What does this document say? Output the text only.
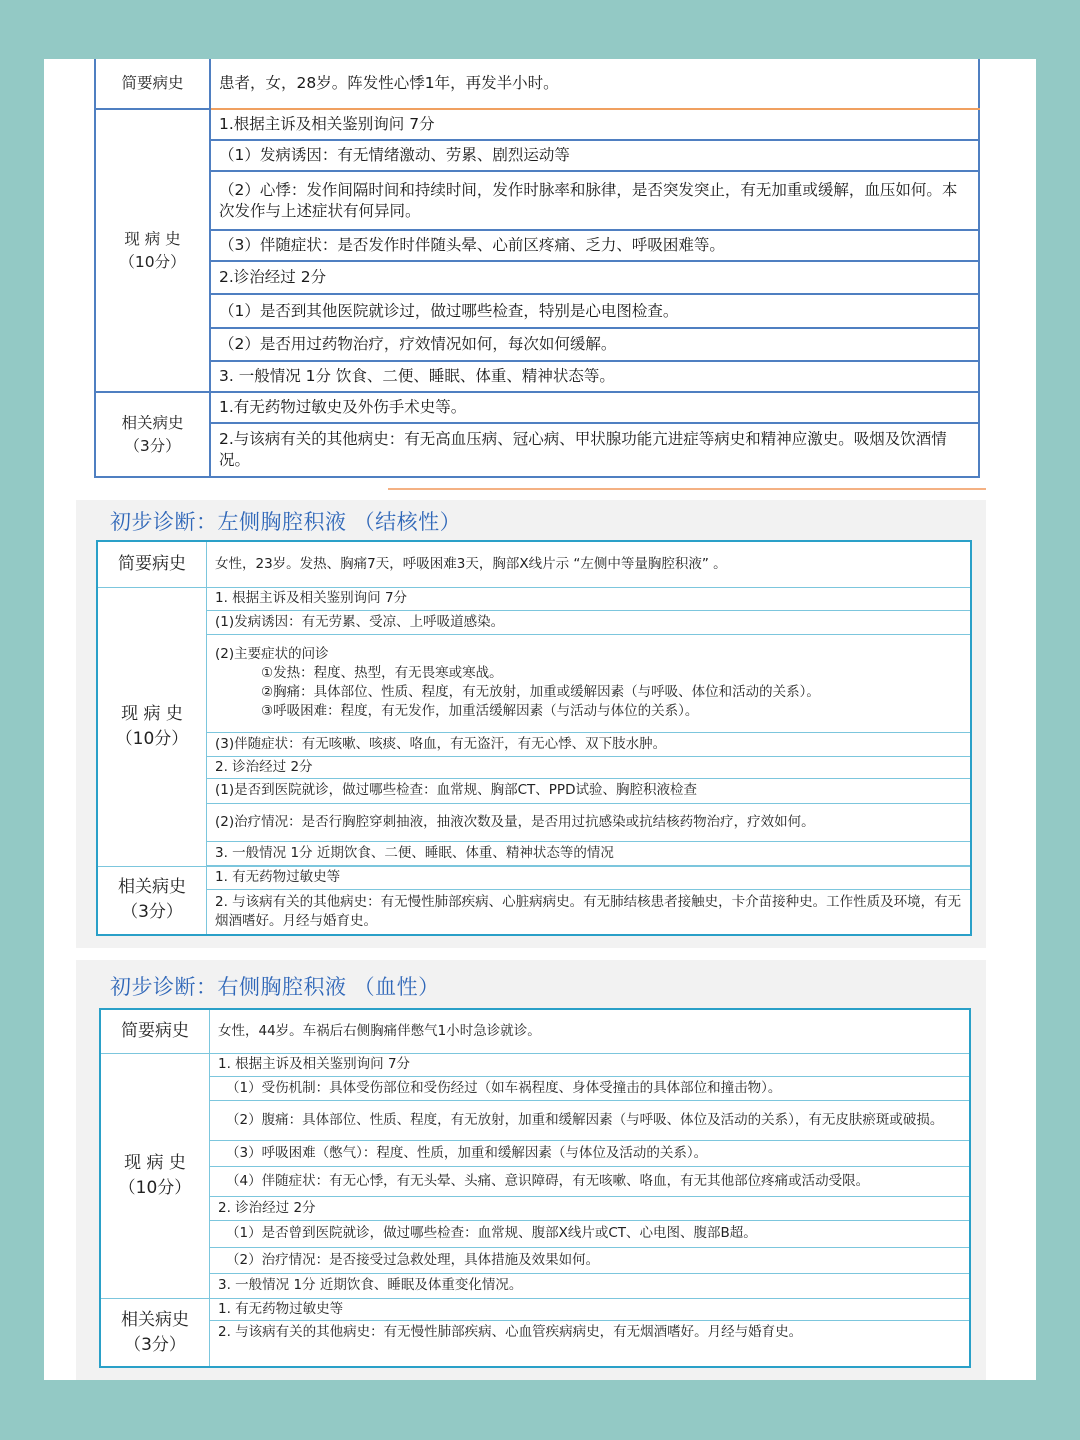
简要病史	患者，女，28岁。阵发性心悸1年，再发半小时。

现 病 史
（10分）	1.根据主诉及相关鉴别询问 7分
	（1）发病诱因：有无情绪激动、劳累、剧烈运动等
	（2）心悸：发作间隔时间和持续时间，发作时脉率和脉律，是否突发突止，有无加重或缓解，血压如何。本次发作与上述症状有何异同。
	（3）伴随症状：是否发作时伴随头晕、心前区疼痛、乏力、呼吸困难等。
	2.诊治经过 2分
	（1）是否到其他医院就诊过，做过哪些检查，特别是心电图检查。
	（2）是否用过药物治疗，疗效情况如何，每次如何缓解。
	3. 一般情况 1分 饮食、二便、睡眠、体重、精神状态等。

相关病史
（3分）	1.有无药物过敏史及外伤手术史等。
	2.与该病有关的其他病史：有无高血压病、冠心病、甲状腺功能亢进症等病史和精神应激史。吸烟及饮酒情况。
初步诊断：左侧胸腔积液 （结核性）
简要病史	女性，23岁。发热、胸痛7天，呼吸困难3天，胸部X线片示 “左侧中等量胸腔积液” 。

现 病 史
（10分）	1. 根据主诉及相关鉴别询问 7分
	(1)发病诱因：有无劳累、受凉、上呼吸道感染。

	(2)主要症状的问诊
①发热：程度、热型，有无畏寒或寒战。
②胸痛：具体部位、性质、程度，有无放射，加重或缓解因素（与呼吸、体位和活动的关系）。
③呼吸困难：程度，有无发作，加重活缓解因素（与活动与体位的关系）。

	(3)伴随症状：有无咳嗽、咳痰、咯血，有无盗汗，有无心悸、双下肢水肿。
	2. 诊治经过 2分
	(1)是否到医院就诊，做过哪些检查：血常规、胸部CT、PPD试验、胸腔积液检查
	(2)治疗情况：是否行胸腔穿刺抽液，抽液次数及量，是否用过抗感染或抗结核药物治疗，疗效如何。
	3. 一般情况 1分 近期饮食、二便、睡眠、体重、精神状态等的情况

相关病史
（3分）	1. 有无药物过敏史等
	2. 与该病有关的其他病史：有无慢性肺部疾病、心脏病病史。有无肺结核患者接触史，卡介苗接种史。工作性质及环境，有无烟酒嗜好。月经与婚育史。
初步诊断：右侧胸腔积液 （血性）
简要病史	女性，44岁。车祸后右侧胸痛伴憋气1小时急诊就诊。

现 病 史
（10分）	1. 根据主诉及相关鉴别询问 7分
	（1）受伤机制：具体受伤部位和受伤经过（如车祸程度、身体受撞击的具体部位和撞击物）。
	（2）腹痛：具体部位、性质、程度，有无放射，加重和缓解因素（与呼吸、体位及活动的关系），有无皮肤瘀斑或破损。
	（3）呼吸困难（憋气）：程度、性质，加重和缓解因素（与体位及活动的关系）。
	（4）伴随症状：有无心悸，有无头晕、头痛、意识障碍，有无咳嗽、咯血，有无其他部位疼痛或活动受限。
	2. 诊治经过 2分
	（1）是否曾到医院就诊，做过哪些检查：血常规、腹部X线片或CT、心电图、腹部B超。
	（2）治疗情况：是否接受过急救处理，具体措施及效果如何。
	3. 一般情况 1分 近期饮食、睡眠及体重变化情况。

相关病史
（3分）	1. 有无药物过敏史等
	2. 与该病有关的其他病史：有无慢性肺部疾病、心血管疾病病史，有无烟酒嗜好。月经与婚育史。
